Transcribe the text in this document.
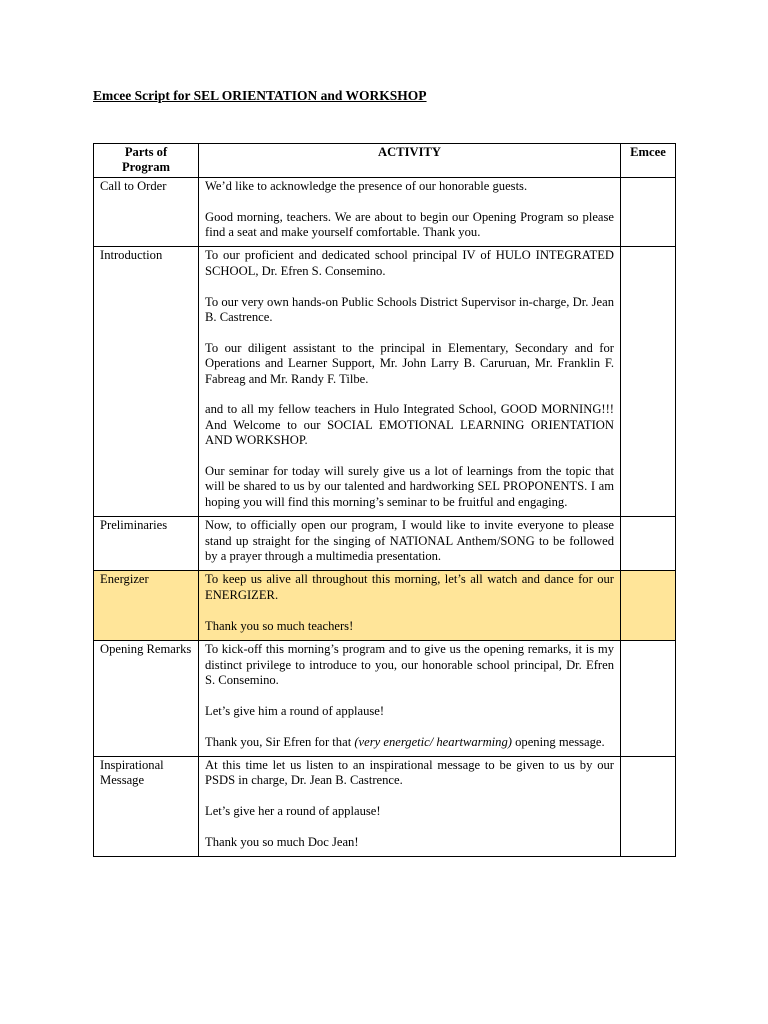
Emcee Script for SEL ORIENTATION and WORKSHOP
Parts of Program	ACTIVITY	Emcee
Call to Order	We’d like to acknowledge the presence of our honorable guests.

Good morning, teachers. We are about to begin our Opening Program so please find a seat and make yourself comfortable. Thank you.	

Introduction	To our proficient and dedicated school principal IV of HULO INTEGRATED SCHOOL, Dr. Efren S. Consemino.

To our very own hands-on Public Schools District Supervisor in-charge, Dr. Jean B. Castrence.

To our diligent assistant to the principal in Elementary, Secondary and for Operations and Learner Support, Mr. John Larry B. Caruruan, Mr. Franklin F. Fabreag and Mr. Randy F. Tilbe.

and to all my fellow teachers in Hulo Integrated School, GOOD MORNING!!! And Welcome to our SOCIAL EMOTIONAL LEARNING ORIENTATION AND WORKSHOP.

Our seminar for today will surely give us a lot of learnings from the topic that will be shared to us by our talented and hardworking SEL PROPONENTS. I am hoping you will find this morning’s seminar to be fruitful and engaging.	

Preliminaries	Now, to officially open our program, I would like to invite everyone to please stand up straight for the singing of NATIONAL Anthem/SONG to be followed by a prayer through a multimedia presentation.	

Energizer	To keep us alive all throughout this morning, let’s all watch and dance for our ENERGIZER.

Thank you so much teachers!	

Opening Remarks	To kick-off this morning’s program and to give us the opening remarks, it is my distinct privilege to introduce to you, our honorable school principal, Dr. Efren S. Consemino.

Let’s give him a round of applause!

Thank you, Sir Efren for that (very energetic/ heartwarming) opening message.	

Inspirational Message	At this time let us listen to an inspirational message to be given to us by our PSDS in charge, Dr. Jean B. Castrence.

Let’s give her a round of applause!

Thank you so much Doc Jean!	
